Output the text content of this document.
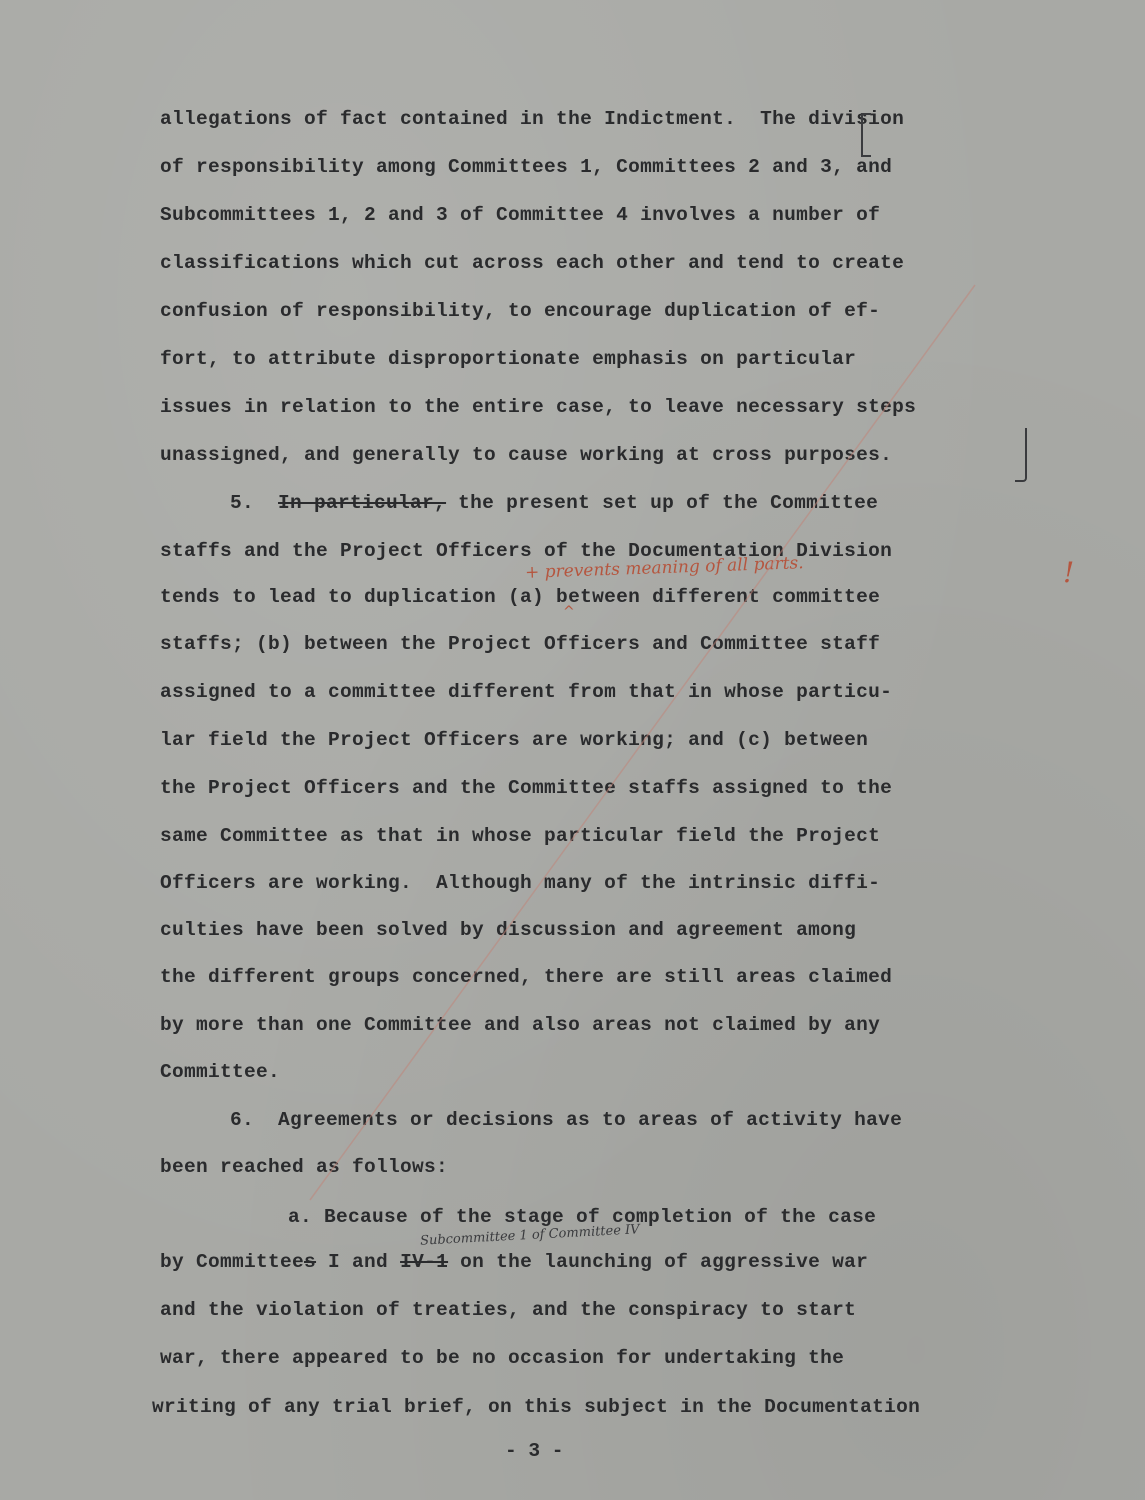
allegations of fact contained in the Indictment.  The division
of responsibility among Committees 1, Committees 2 and 3, and
Subcommittees 1, 2 and 3 of Committee 4 involves a number of
classifications which cut across each other and tend to create
confusion of responsibility, to encourage duplication of ef-
fort, to attribute disproportionate emphasis on particular
issues in relation to the entire case, to leave necessary steps
unassigned, and generally to cause working at cross purposes.
5. In particular, the present set up of the Committee
+ prevents meaning of all parts.
^
!
staffs and the Project Officers of the Documentation Division
tends to lead to duplication (a) between different committee
staffs; (b) between the Project Officers and Committee staff
assigned to a committee different from that in whose particu-
lar field the Project Officers are working; and (c) between
the Project Officers and the Committee staffs assigned to the
same Committee as that in whose particular field the Project
Officers are working.  Although many of the intrinsic diffi-
culties have been solved by discussion and agreement among
the different groups concerned, there are still areas claimed
by more than one Committee and also areas not claimed by any
Committee.
6.  Agreements or decisions as to areas of activity have
been reached as follows:
a. Because of the stage of completion of the case
Subcommittee 1 of Committee IV
by Committees I and IV-1 on the launching of aggressive war
and the violation of treaties, and the conspiracy to start
war, there appeared to be no occasion for undertaking the
writing of any trial brief, on this subject in the Documentation
- 3 -
